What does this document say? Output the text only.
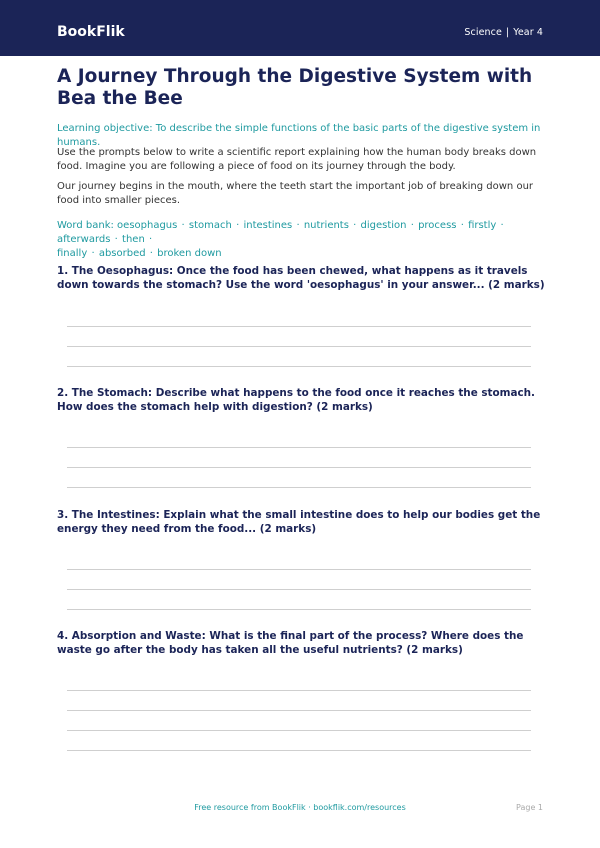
BookFlik	Science | Year 4
A Journey Through the Digestive System with Bea the Bee

Learning objective: To describe the simple functions of the basic parts of the digestive system in humans.

Use the prompts below to write a scientific report explaining how the human body breaks down food. Imagine you are following a piece of food on its journey through the body.

Our journey begins in the mouth, where the teeth start the important job of breaking down our food into smaller pieces.

Word bank: oesophagus · stomach · intestines · nutrients · digestion · process · firstly · afterwards · then ·
finally · absorbed · broken down

1. The Oesophagus: Once the food has been chewed, what happens as it travels down towards the stomach? Use the word 'oesophagus' in your answer... (2 marks)

2. The Stomach: Describe what happens to the food once it reaches the stomach. How does the stomach help with digestion? (2 marks)

3. The Intestines: Explain what the small intestine does to help our bodies get the energy they need from the food... (2 marks)

4. Absorption and Waste: What is the final part of the process? Where does the waste go after the body has taken all the useful nutrients? (2 marks)

Free resource from BookFlik · bookflik.com/resources	Page 1
